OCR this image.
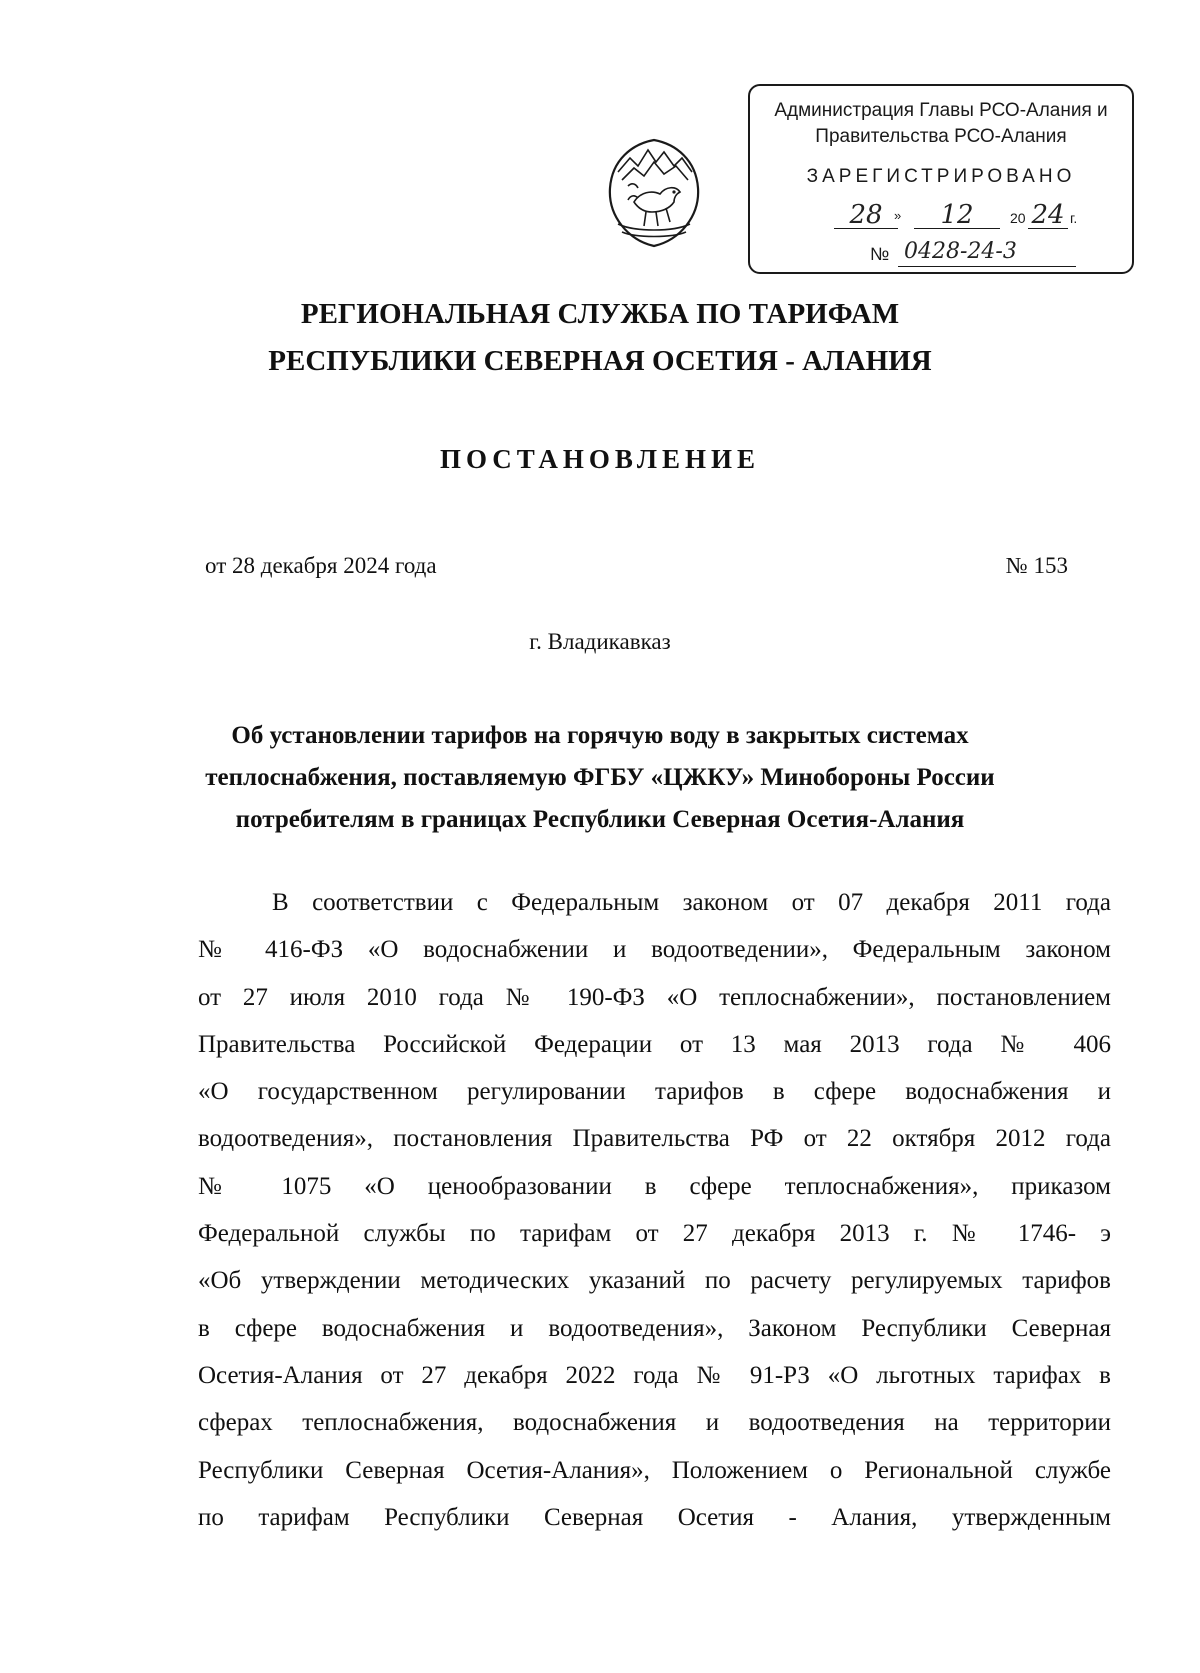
Администрация Главы РСО-Алания и
Правительства РСО-Алания
ЗАРЕГИСТРИРОВАНО
28 »	12	20 24 г.
№ 0428-24-3
РЕГИОНАЛЬНАЯ СЛУЖБА ПО ТАРИФАМ
РЕСПУБЛИКИ СЕВЕРНАЯ ОСЕТИЯ - АЛАНИЯ
ПОСТАНОВЛЕНИЕ
от 28 декабря 2024 года	№ 153
г. Владикавказ
Об установлении тарифов на горячую воду в закрытых системах
теплоснабжения, поставляемую ФГБУ «ЦЖКУ» Минобороны России
потребителям в границах Республики Северная Осетия-Алания
В соответствии с Федеральным законом от 07 декабря 2011 года
№ 416-ФЗ «О водоснабжении и водоотведении», Федеральным законом
от 27 июля 2010 года № 190-ФЗ «О теплоснабжении», постановлением
Правительства Российской Федерации от 13 мая 2013 года № 406
«О государственном регулировании тарифов в сфере водоснабжения и
водоотведения», постановления Правительства РФ от 22 октября 2012 года
№ 1075 «О ценообразовании в сфере теплоснабжения», приказом
Федеральной службы по тарифам от 27 декабря 2013 г. № 1746- э
«Об утверждении методических указаний по расчету регулируемых тарифов
в сфере водоснабжения и водоотведения», Законом Республики Северная
Осетия-Алания от 27 декабря 2022 года № 91-РЗ «О льготных тарифах в
сферах теплоснабжения, водоснабжения и водоотведения на территории
Республики Северная Осетия-Алания», Положением о Региональной службе
по тарифам Республики Северная Осетия - Алания, утвержденным
